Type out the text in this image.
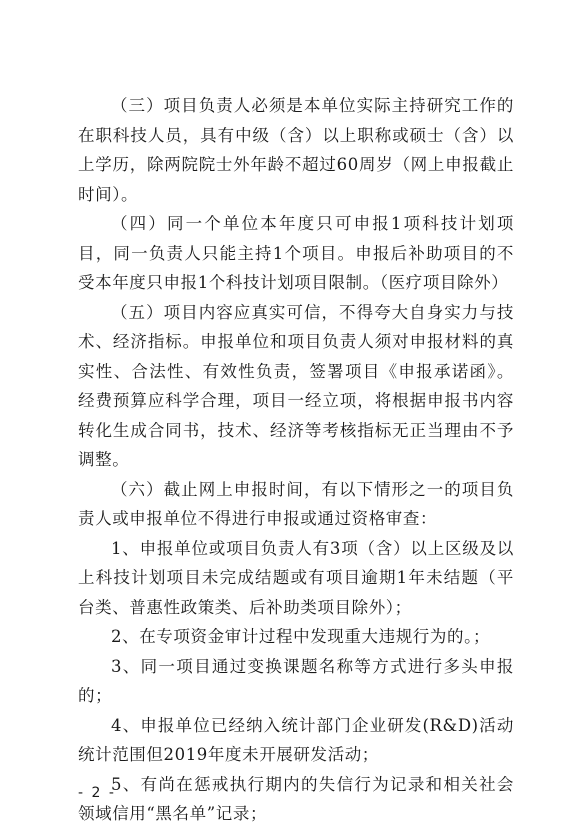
（三）项目负责人必须是本单位实际主持研究工作的在职科技人员，具有中级（含）以上职称或硕士（含）以上学历，除两院院士外年龄不超过60周岁（网上申报截止时间）。

（四）同一个单位本年度只可申报1项科技计划项目，同一负责人只能主持1个项目。申报后补助项目的不受本年度只申报1个科技计划项目限制。（医疗项目除外）

（五）项目内容应真实可信，不得夸大自身实力与技术、经济指标。申报单位和项目负责人须对申报材料的真实性、合法性、有效性负责，签署项目《申报承诺函》。经费预算应科学合理，项目一经立项，将根据申报书内容转化生成合同书，技术、经济等考核指标无正当理由不予调整。

（六）截止网上申报时间，有以下情形之一的项目负责人或申报单位不得进行申报或通过资格审查：

1、申报单位或项目负责人有3项（含）以上区级及以上科技计划项目未完成结题或有项目逾期1年未结题（平台类、普惠性政策类、后补助类项目除外）；

2、在专项资金审计过程中发现重大违规行为的。；

3、同一项目通过变换课题名称等方式进行多头申报的；

4、申报单位已经纳入统计部门企业研发(R&D)活动统计范围但2019年度未开展研发活动；

5、有尚在惩戒执行期内的失信行为记录和相关社会领域信用“黑名单”记录；

- 2 -
